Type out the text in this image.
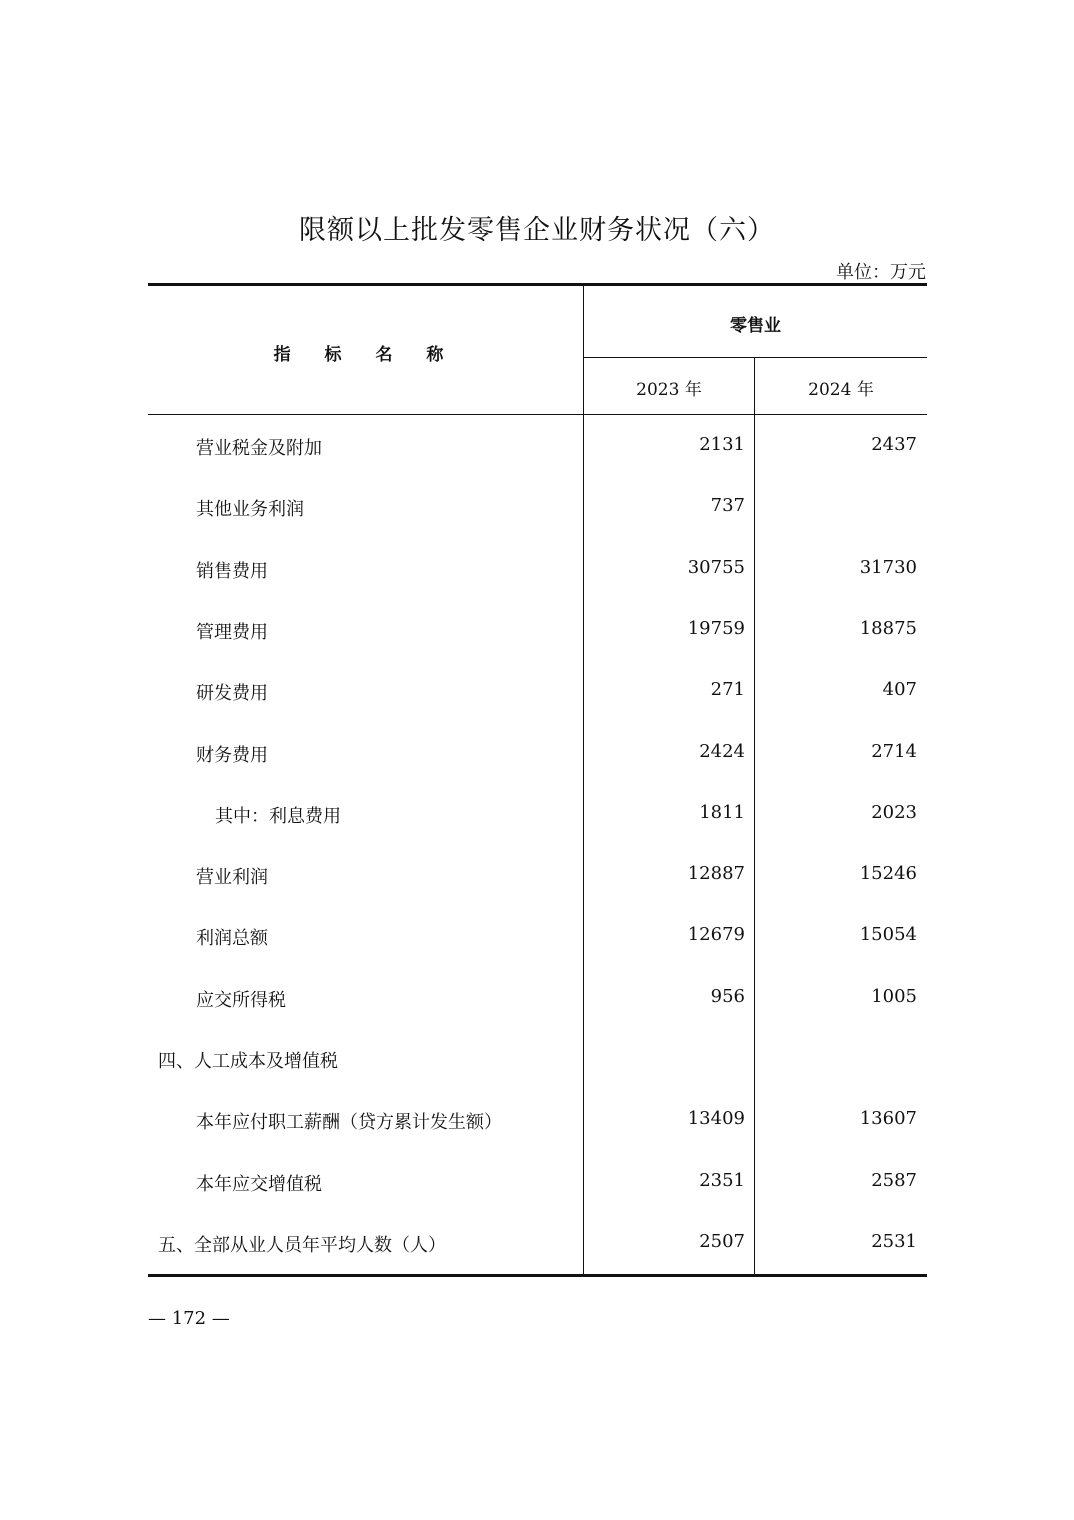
限额以上批发零售企业财务状况（六）
单位：万元
指 标 名 称
零售业
2023 年	2024 年
营业税金及附加	2131	2437
其他业务利润	737
销售费用	30755	31730
管理费用	19759	18875
研发费用	271	407
财务费用	2424	2714
其中：利息费用	1811	2023
营业利润	12887	15246
利润总额	12679	15054
应交所得税	956	1005
四、人工成本及增值税
本年应付职工薪酬（贷方累计发生额）	13409	13607
本年应交增值税	2351	2587
五、全部从业人员年平均人数（人）	2507	2531
— 172 —
